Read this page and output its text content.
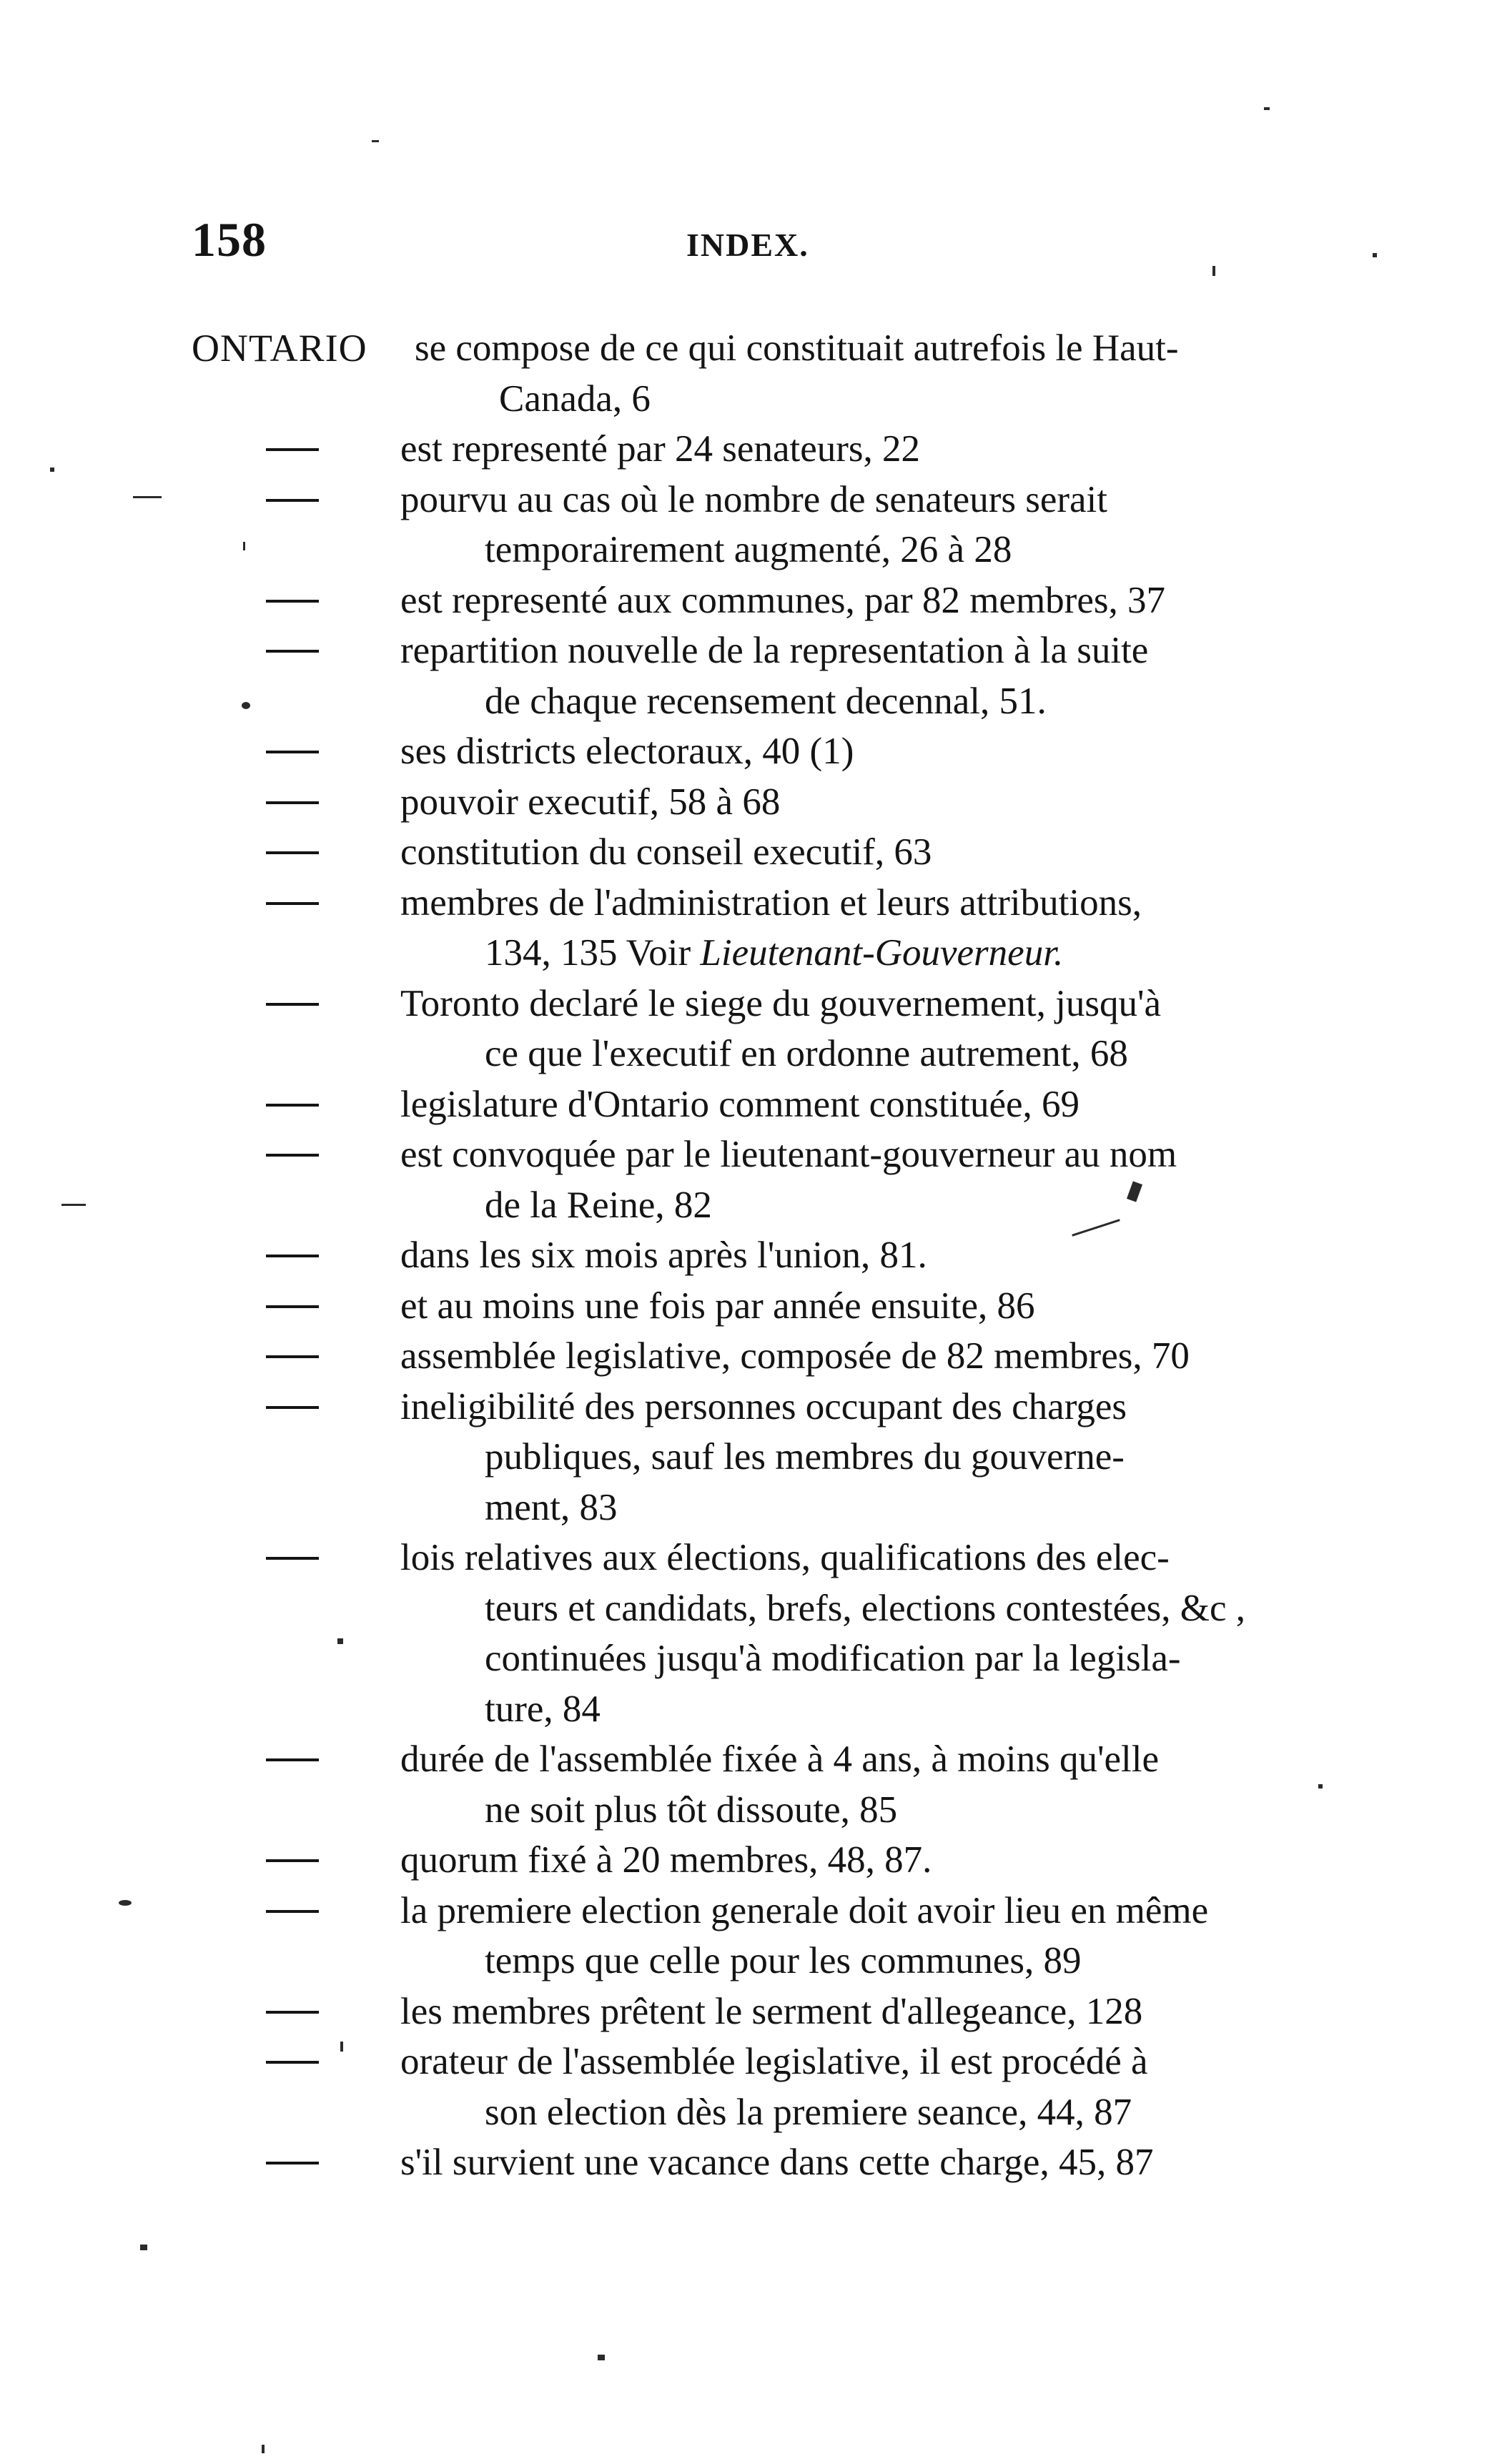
158	INDEX.
ONTARIO se compose de ce qui constituait autrefois le Haut-
Canada, 6
est representé par 24 senateurs, 22
pourvu au cas où le nombre de senateurs serait
temporairement augmenté, 26 à 28
est representé aux communes, par 82 membres, 37
repartition nouvelle de la representation à la suite
de chaque recensement decennal, 51.
ses districts electoraux, 40 (1)
pouvoir executif, 58 à 68
constitution du conseil executif, 63
membres de l'administration et leurs attributions,
134, 135 Voir Lieutenant-Gouverneur.
Toronto declaré le siege du gouvernement, jusqu'à
ce que l'executif en ordonne autrement, 68
legislature d'Ontario comment constituée, 69
est convoquée par le lieutenant-gouverneur au nom
de la Reine, 82
dans les six mois après l'union, 81.
et au moins une fois par année ensuite, 86
assemblée legislative, composée de 82 membres, 70
ineligibilité des personnes occupant des charges
publiques, sauf les membres du gouverne-
ment, 83
lois relatives aux élections, qualifications des elec-
teurs et candidats, brefs, elections contestées, &c ,
continuées jusqu'à modification par la legisla-
ture, 84
durée de l'assemblée fixée à 4 ans, à moins qu'elle
ne soit plus tôt dissoute, 85
quorum fixé à 20 membres, 48, 87.
la premiere election generale doit avoir lieu en même
temps que celle pour les communes, 89
les membres prêtent le serment d'allegeance, 128
orateur de l'assemblée legislative, il est procédé à
son election dès la premiere seance, 44, 87
s'il survient une vacance dans cette charge, 45, 87
